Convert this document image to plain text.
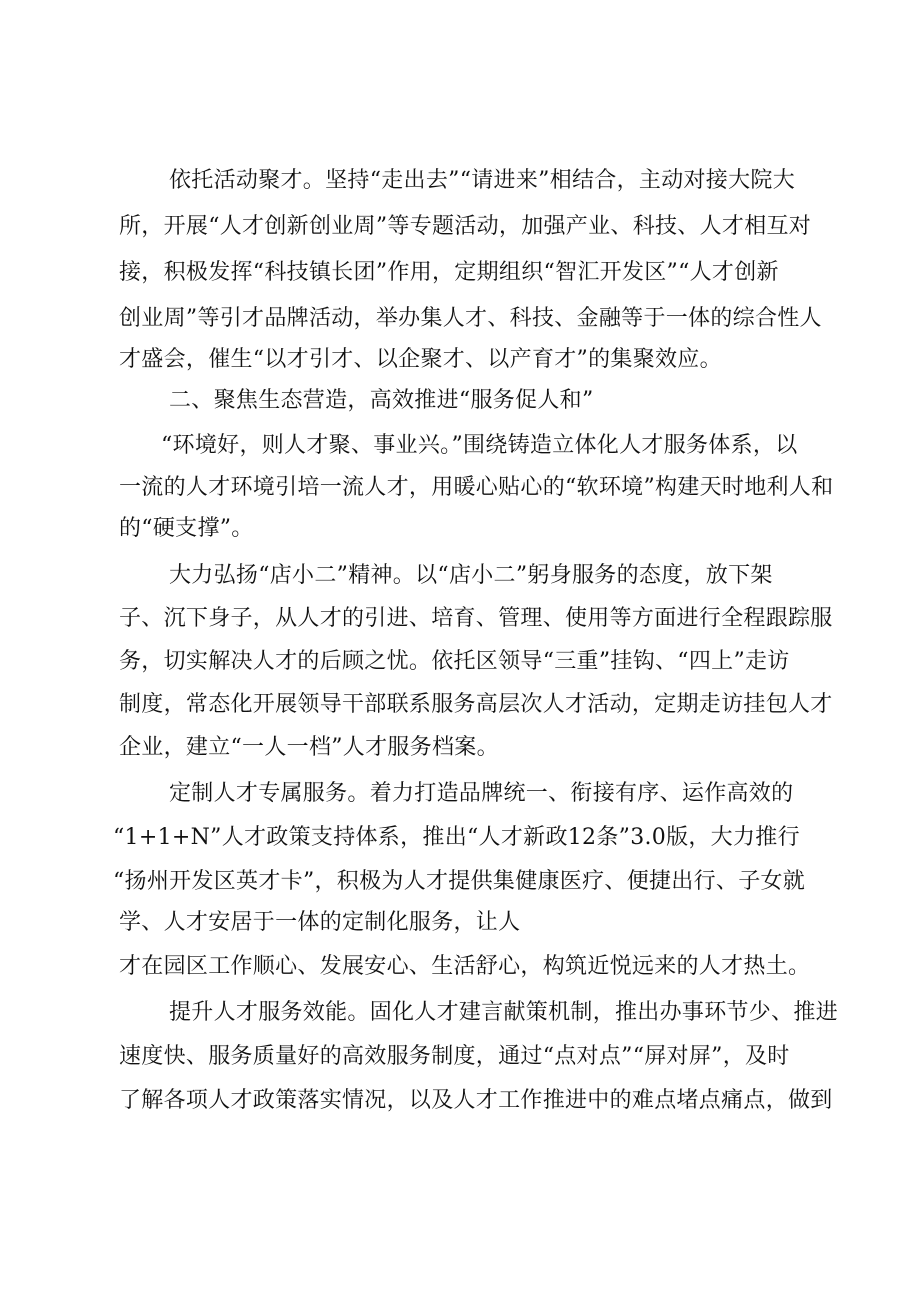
依托活动聚才。坚持“走出去”“请进来”相结合，主动对接大院大
所，开展“人才创新创业周”等专题活动，加强产业、科技、人才相互对
接，积极发挥“科技镇长团”作用，定期组织“智汇开发区”“人才创新
创业周”等引才品牌活动，举办集人才、科技、金融等于一体的综合性人
才盛会，催生“以才引才、以企聚才、以产育才”的集聚效应。
二、聚焦生态营造，高效推进“服务促人和”
“环境好，则人才聚、事业兴。”围绕铸造立体化人才服务体系，以
一流的人才环境引培一流人才，用暖心贴心的“软环境”构建天时地利人和
的“硬支撑”。
大力弘扬“店小二”精神。以“店小二”躬身服务的态度，放下架
子、沉下身子，从人才的引进、培育、管理、使用等方面进行全程跟踪服
务，切实解决人才的后顾之忧。依托区领导“三重”挂钩、“四上”走访
制度，常态化开展领导干部联系服务高层次人才活动，定期走访挂包人才
企业，建立“一人一档”人才服务档案。
定制人才专属服务。着力打造品牌统一、衔接有序、运作高效的
“1+1+N”人才政策支持体系，推出“人才新政12条”3.0版，大力推行
“扬州开发区英才卡”，积极为人才提供集健康医疗、便捷出行、子女就
学、人才安居于一体的定制化服务，让人
才在园区工作顺心、发展安心、生活舒心，构筑近悦远来的人才热土。
提升人才服务效能。固化人才建言献策机制，推出办事环节少、推进
速度快、服务质量好的高效服务制度，通过“点对点”“屏对屏”，及时
了解各项人才政策落实情况，以及人才工作推进中的难点堵点痛点，做到
